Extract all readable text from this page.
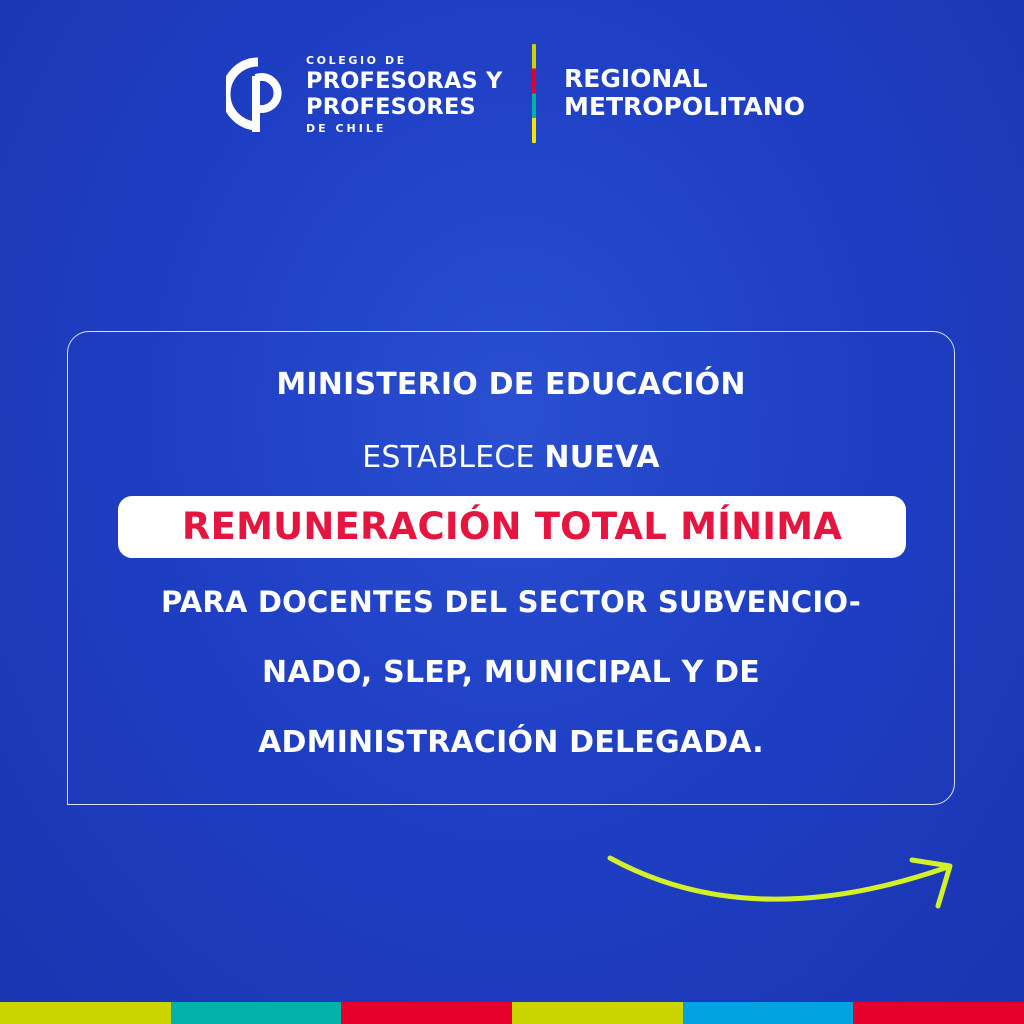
COLEGIO DE
PROFESORAS Y
PROFESORES
DE CHILE
REGIONAL
METROPOLITANO
MINISTERIO DE EDUCACIÓN
ESTABLECE NUEVA
REMUNERACIÓN TOTAL MÍNIMA
PARA DOCENTES DEL SECTOR SUBVENCIO-
NADO, SLEP, MUNICIPAL Y DE
ADMINISTRACIÓN DELEGADA.
